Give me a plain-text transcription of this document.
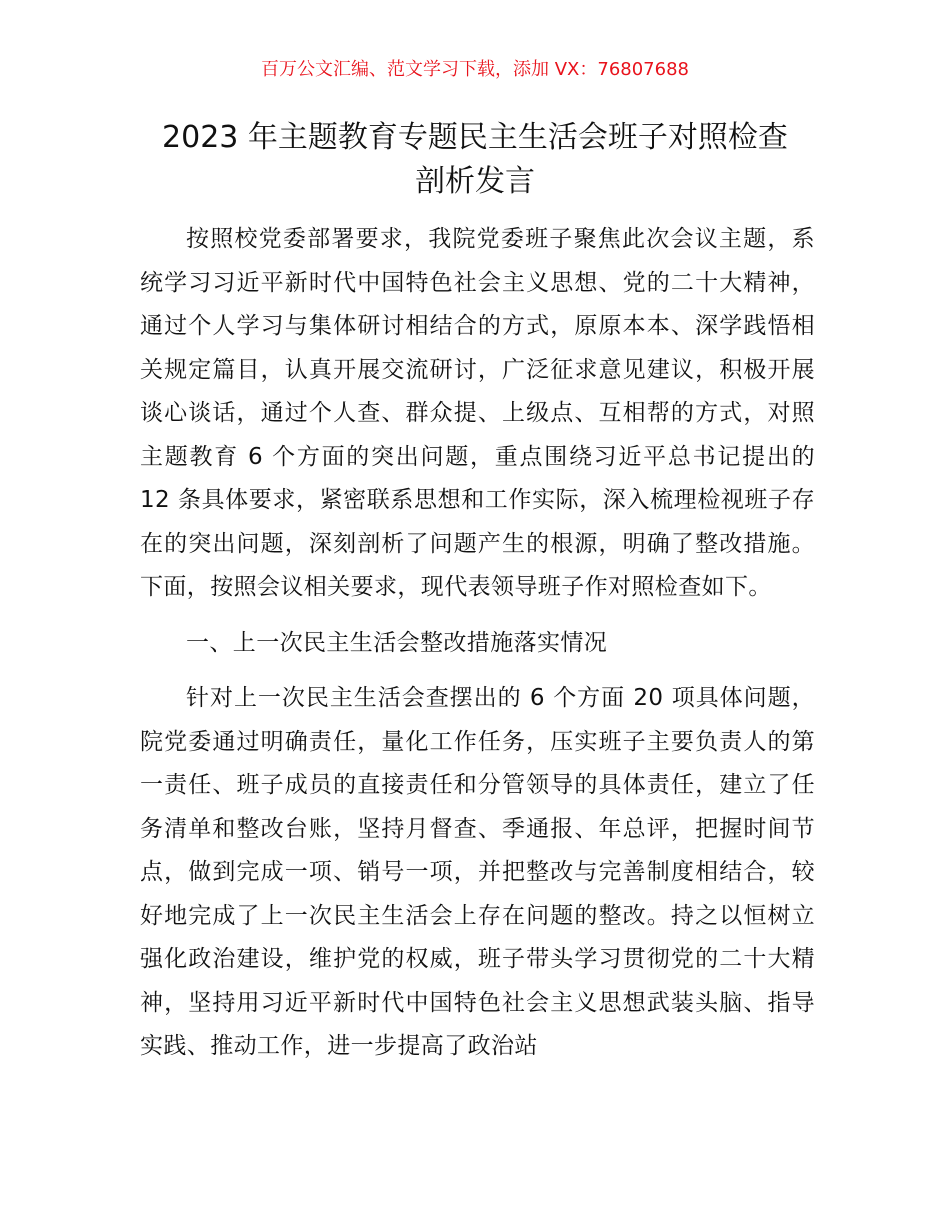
百万公文汇编、范文学习下载，添加 VX：76807688
2023 年主题教育专题民主生活会班子对照检查
剖析发言

按照校党委部署要求，我院党委班子聚焦此次会议主题，系统学习习近平新时代中国特色社会主义思想、党的二十大精神，通过个人学习与集体研讨相结合的方式，原原本本、深学践悟相关规定篇目，认真开展交流研讨，广泛征求意见建议，积极开展谈心谈话，通过个人查、群众提、上级点、互相帮的方式，对照主题教育 6 个方面的突出问题，重点围绕习近平总书记提出的 12 条具体要求，紧密联系思想和工作实际，深入梳理检视班子存在的突出问题，深刻剖析了问题产生的根源，明确了整改措施。下面，按照会议相关要求，现代表领导班子作对照检查如下。

一、上一次民主生活会整改措施落实情况

针对上一次民主生活会查摆出的 6 个方面 20 项具体问题，院党委通过明确责任，量化工作任务，压实班子主要负责人的第一责任、班子成员的直接责任和分管领导的具体责任，建立了任务清单和整改台账，坚持月督查、季通报、年总评，把握时间节点，做到完成一项、销号一项，并把整改与完善制度相结合，较好地完成了上一次民主生活会上存在问题的整改。持之以恒树立强化政治建设，维护党的权威，班子带头学习贯彻党的二十大精神，坚持用习近平新时代中国特色社会主义思想武装头脑、指导实践、推动工作，进一步提高了政治站
